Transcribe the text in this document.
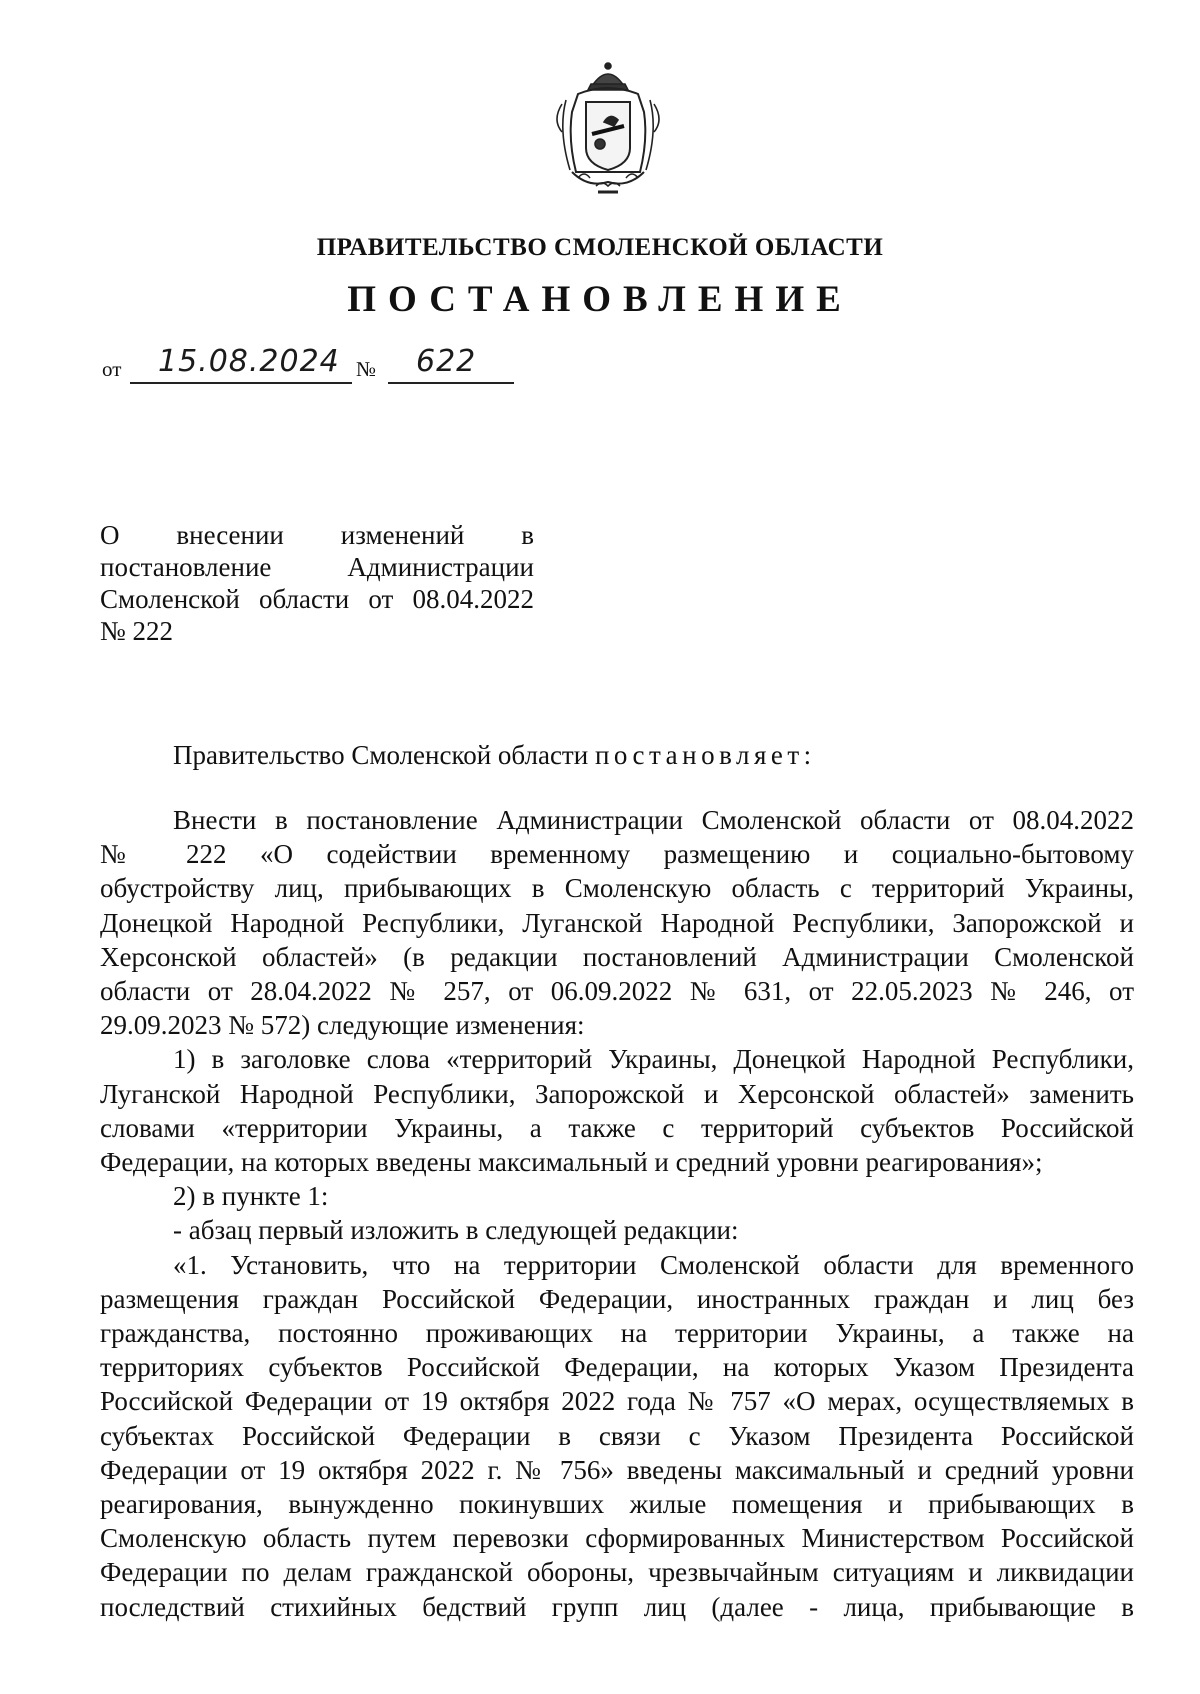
ПРАВИТЕЛЬСТВО СМОЛЕНСКОЙ ОБЛАСТИ
ПОСТАНОВЛЕНИЕ
от 15.08.2024 № 622
О внесении изменений в
постановление Администрации
Смоленской области от 08.04.2022
№ 222
Правительство Смоленской области постановляет:
Внести в постановление Администрации Смоленской области от 08.04.2022
№ 222 «О содействии временному размещению и социально-бытовому
обустройству лиц, прибывающих в Смоленскую область с территорий Украины,
Донецкой Народной Республики, Луганской Народной Республики, Запорожской и
Херсонской областей» (в редакции постановлений Администрации Смоленской
области от 28.04.2022 № 257, от 06.09.2022 № 631, от 22.05.2023 № 246, от
29.09.2023 № 572) следующие изменения:
1) в заголовке слова «территорий Украины, Донецкой Народной Республики,
Луганской Народной Республики, Запорожской и Херсонской областей» заменить
словами «территории Украины, а также с территорий субъектов Российской
Федерации, на которых введены максимальный и средний уровни реагирования»;
2) в пункте 1:
- абзац первый изложить в следующей редакции:
«1. Установить, что на территории Смоленской области для временного
размещения граждан Российской Федерации, иностранных граждан и лиц без
гражданства, постоянно проживающих на территории Украины, а также на
территориях субъектов Российской Федерации, на которых Указом Президента
Российской Федерации от 19 октября 2022 года № 757 «О мерах, осуществляемых в
субъектах Российской Федерации в связи с Указом Президента Российской
Федерации от 19 октября 2022 г. № 756» введены максимальный и средний уровни
реагирования, вынужденно покинувших жилые помещения и прибывающих в
Смоленскую область путем перевозки сформированных Министерством Российской
Федерации по делам гражданской обороны, чрезвычайным ситуациям и ликвидации
последствий стихийных бедствий групп лиц (далее - лица, прибывающие в
